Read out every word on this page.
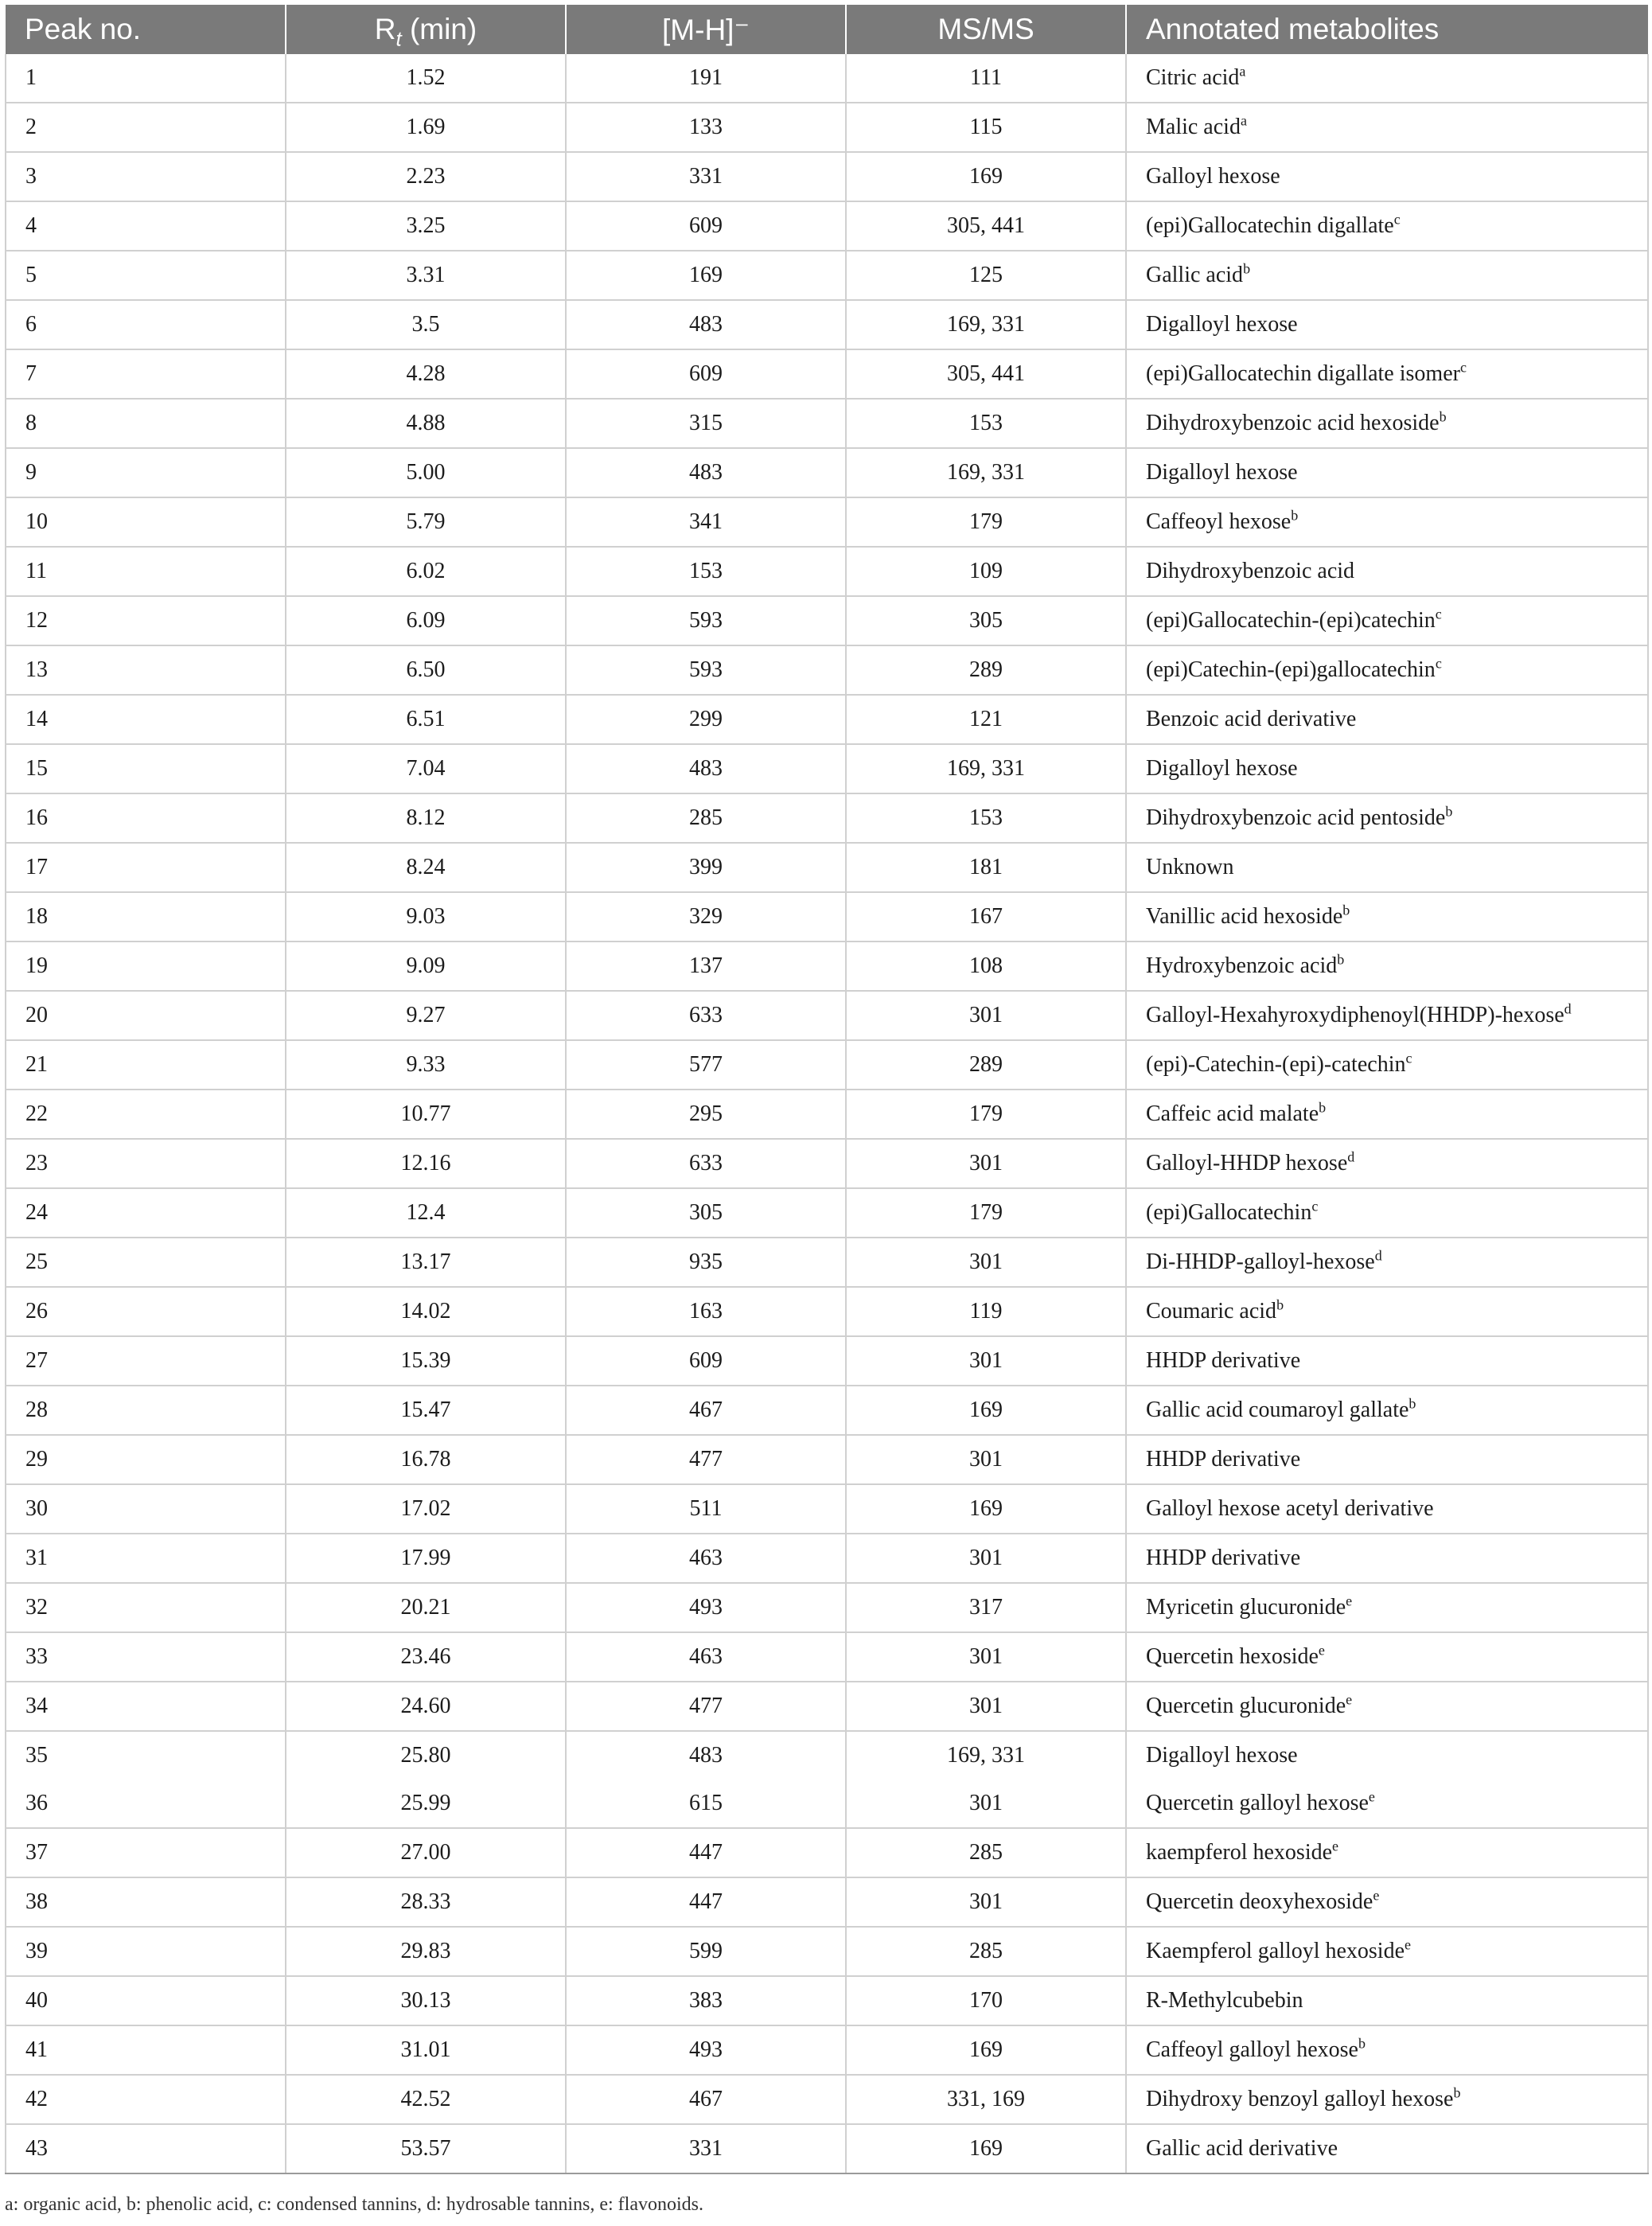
Peak no.	$R_t$ (min)	[M-H]⁻	MS/MS	Annotated metabolites
1	1.52	191	111	Citric acid$^a$
2	1.69	133	115	Malic acid$^a$
3	2.23	331	169	Galloyl hexose
4	3.25	609	305, 441	(epi)Gallocatechin digallate$^c$
5	3.31	169	125	Gallic acid$^b$
6	3.5	483	169, 331	Digalloyl hexose
7	4.28	609	305, 441	(epi)Gallocatechin digallate isomer$^c$
8	4.88	315	153	Dihydroxybenzoic acid hexoside$^b$
9	5.00	483	169, 331	Digalloyl hexose
10	5.79	341	179	Caffeoyl hexose$^b$
11	6.02	153	109	Dihydroxybenzoic acid
12	6.09	593	305	(epi)Gallocatechin-(epi)catechin$^c$
13	6.50	593	289	(epi)Catechin-(epi)gallocatechin$^c$
14	6.51	299	121	Benzoic acid derivative
15	7.04	483	169, 331	Digalloyl hexose
16	8.12	285	153	Dihydroxybenzoic acid pentoside$^b$
17	8.24	399	181	Unknown
18	9.03	329	167	Vanillic acid hexoside$^b$
19	9.09	137	108	Hydroxybenzoic acid$^b$
20	9.27	633	301	Galloyl-Hexahyroxydiphenoyl(HHDP)-hexose$^d$
21	9.33	577	289	(epi)-Catechin-(epi)-catechin$^c$
22	10.77	295	179	Caffeic acid malate$^b$
23	12.16	633	301	Galloyl-HHDP hexose$^d$
24	12.4	305	179	(epi)Gallocatechin$^c$
25	13.17	935	301	Di-HHDP-galloyl-hexose$^d$
26	14.02	163	119	Coumaric acid$^b$
27	15.39	609	301	HHDP derivative
28	15.47	467	169	Gallic acid coumaroyl gallate$^b$
29	16.78	477	301	HHDP derivative
30	17.02	511	169	Galloyl hexose acetyl derivative
31	17.99	463	301	HHDP derivative
32	20.21	493	317	Myricetin glucuronide$^e$
33	23.46	463	301	Quercetin hexoside$^e$
34	24.60	477	301	Quercetin glucuronide$^e$
35	25.80	483	169, 331	Digalloyl hexose
36	25.99	615	301	Quercetin galloyl hexose$^e$
37	27.00	447	285	kaempferol hexoside$^e$
38	28.33	447	301	Quercetin deoxyhexoside$^e$
39	29.83	599	285	Kaempferol galloyl hexoside$^e$
40	30.13	383	170	R-Methylcubebin
41	31.01	493	169	Caffeoyl galloyl hexose$^b$
42	42.52	467	331, 169	Dihydroxy benzoyl galloyl hexose$^b$
43	53.57	331	169	Gallic acid derivative
a: organic acid, b: phenolic acid, c: condensed tannins, d: hydrosable tannins, e: flavonoids.
